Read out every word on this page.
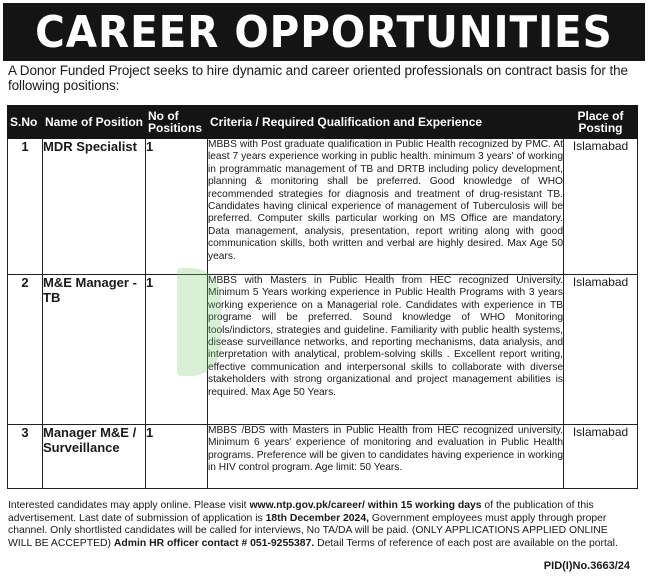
CAREER OPPORTUNITIES
A Donor Funded Project seeks to hire dynamic and career oriented professionals on contract basis for the following positions:
S.No	Name of Position	No of Positions	Criteria / Required Qualification and Experience	Place of Posting
1	MDR Specialist	1	MBBS with Post graduate qualification in Public Health recognized by PMC. At least 7 years experience working in public health. minimum 3 years' of working in programmatic management of TB and DRTB including policy development, planning & monitoring shall be preferred. Good knowledge of WHO recommended strategies for diagnosis and treatment of drug-resistant TB. Candidates having clinical experience of management of Tuberculosis will be preferred. Computer skills particular working on MS Office are mandatory. Data management, analysis, presentation, report writing along with good communication skills, both written and verbal are highly desired. Max Age 50 years.	Islamabad
2	M&E Manager - TB	1	MBBS with Masters in Public Health from HEC recognized University. Minimum 5 Years working experience in Public Health Programs with 3 years working experience on a Managerial role. Candidates with experience in TB programe will be preferred. Sound knowledge of WHO Monitoring tools/indictors, strategies and guideline. Familiarity with public health systems, disease surveillance networks, and reporting mechanisms, data analysis, and interpretation with analytical, problem-solving skills . Excellent report writing, effective communication and interpersonal skills to collaborate with diverse stakeholders with strong organizational and project management abilities is required. Max Age 50 Years.	Islamabad
3	Manager M&E / Surveillance	1	MBBS /BDS with Masters in Public Health from HEC recognized university. Minimum 6 years' experience of monitoring and evaluation in Public Health programs. Preference will be given to candidates having experience in working in HIV control program. Age limit: 50 Years.	Islamabad
Interested candidates may apply online. Please visit www.ntp.gov.pk/career/ within 15 working days of the publication of this advertisement. Last date of submission of application is 18th December 2024, Government employees must apply through proper channel. Only shortlisted candidates will be called for interviews, No TA/DA will be paid. (ONLY APPLICATIONS APPLIED ONLINE WILL BE ACCEPTED) Admin HR officer contact # 051-9255387. Detail Terms of reference of each post are available on the portal.
PID(I)No.3663/24
